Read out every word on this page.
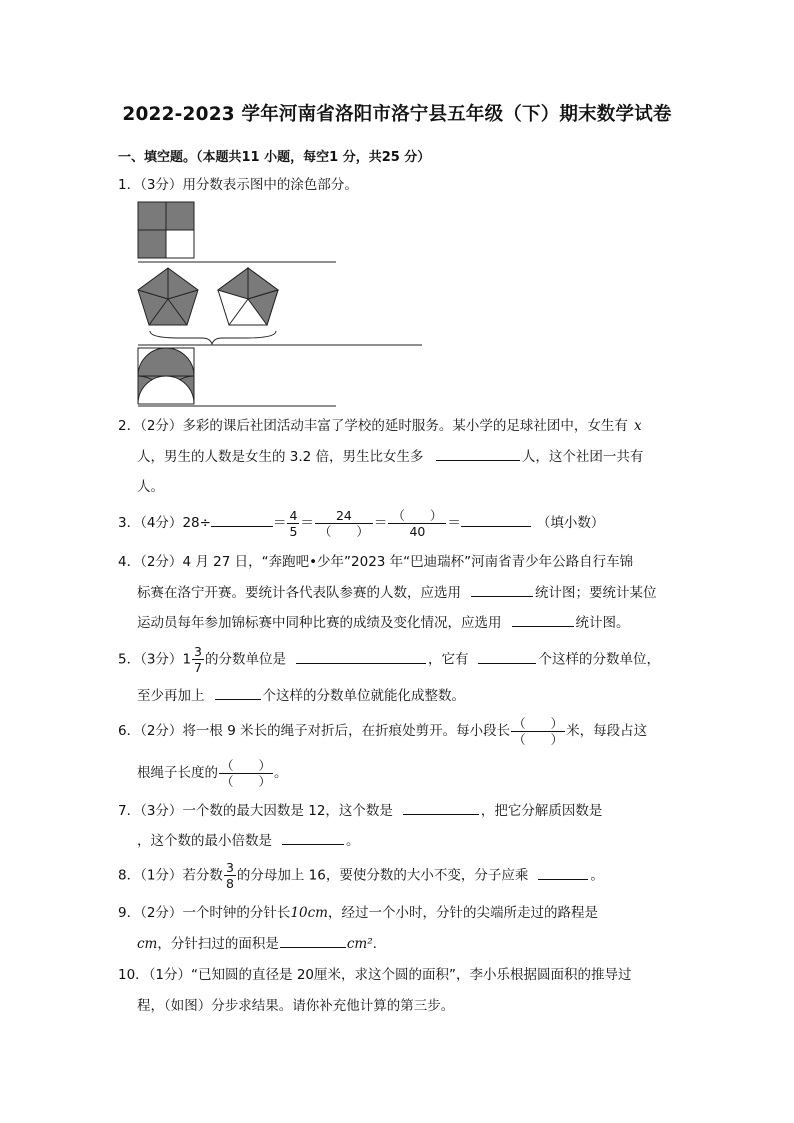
2022-2023 学年河南省洛阳市洛宁县五年级（下）期末数学试卷
一、填空题。（本题共11 小题，每空1 分，共25 分）
1．（3分）用分数表示图中的涂色部分。
2．（2分）多彩的课后社团活动丰富了学校的延时服务。某小学的足球社团中，女生有 x
人，男生的人数是女生的 3.2 倍，男生比女生多	人，这个社团一共有
人。
3．（4分）28÷	＝ $\frac{4}{5} = \frac{24}{( )} = \frac{( )}{40}$ ＝	（填小数）
4．（2分）4 月 27 日，“奔跑吧•少年”2023 年“巴迪瑞杯”河南省青少年公路自行车锦
标赛在洛宁开赛。要统计各代表队参赛的人数，应选用	统计图；要统计某位
运动员每年参加锦标赛中同种比赛的成绩及变化情况，应选用	统计图。
5．（3分）$1 \frac{3}{7}$ 的分数单位是	，它有	个这样的分数单位，
至少再加上	个这样的分数单位就能化成整数。
6．（2分）将一根 9 米长的绳子对折后，在折痕处剪开。每小段长 $\frac{( )}{( )}$ 米，每段占这
根绳子长度的 $\frac{( )}{( )}$ 。
7．（3分）一个数的最大因数是 12，这个数是	，把它分解质因数是
，这个数的最小倍数是	。
8．（1分）若分数 $\frac{3}{8}$ 的分母加上 16，要使分数的大小不变，分子应乘	。
9．（2分）一个时钟的分针长10cm，经过一个小时，分针的尖端所走过的路程是
cm，分针扫过的面积是	cm².
10．（1分）“已知圆的直径是 20厘米，求这个圆的面积”，李小乐根据圆面积的推导过
程，（如图）分步求结果。请你补充他计算的第三步。
